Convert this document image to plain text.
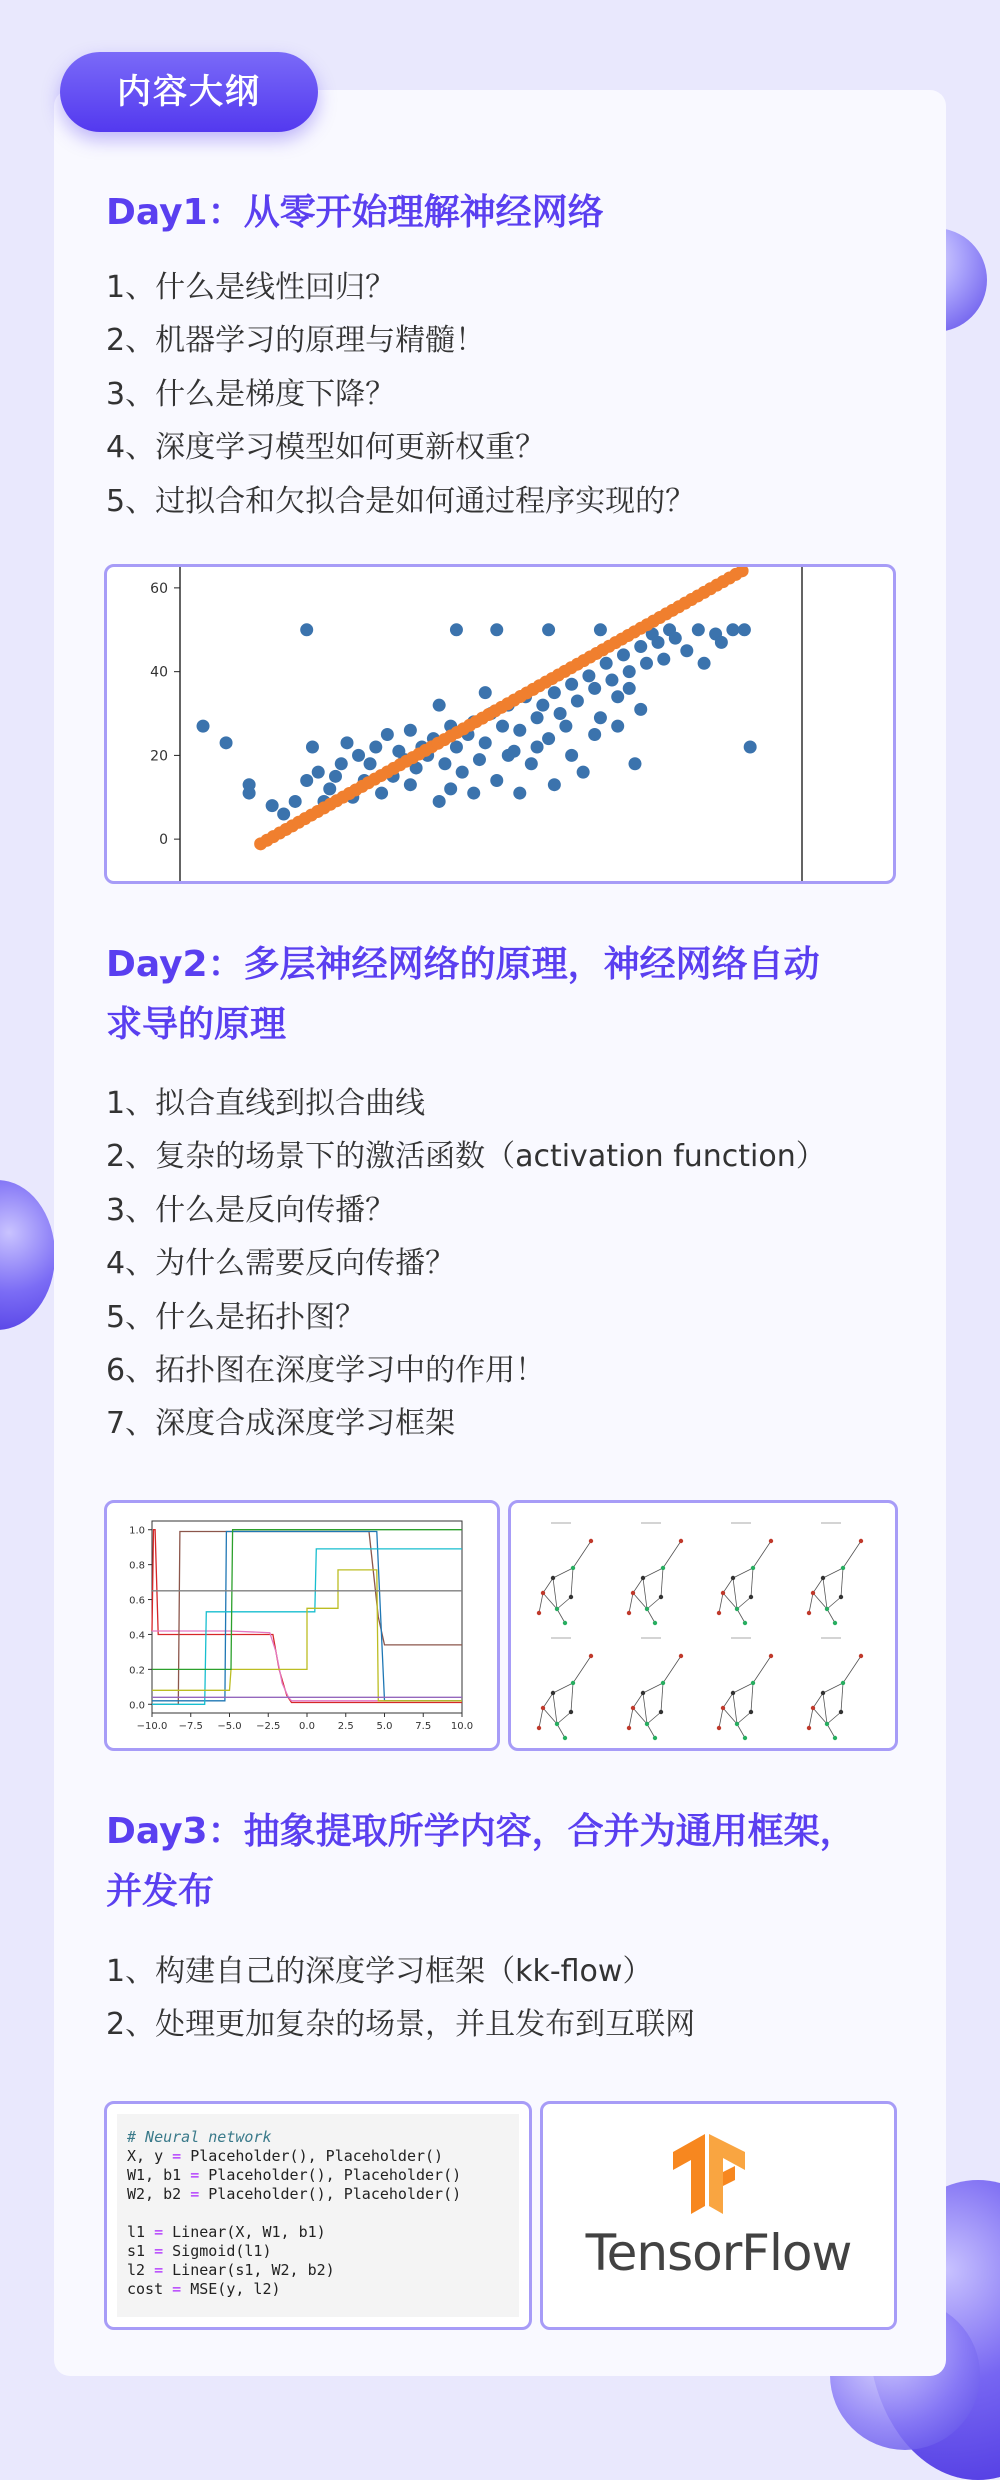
内容大纲
Day1：从零开始理解神经网络
1、什么是线性回归？
2、机器学习的原理与精髓！
3、什么是梯度下降？
4、深度学习模型如何更新权重？
5、过拟合和欠拟合是如何通过程序实现的？
0
20
40
60
Day2：多层神经网络的原理，神经网络自动
求导的原理
1、拟合直线到拟合曲线
2、复杂的场景下的激活函数（activation function）
3、什么是反向传播？
4、为什么需要反向传播？
5、什么是拓扑图？
6、拓扑图在深度学习中的作用！
7、深度合成深度学习框架
0.0
0.2
0.4
0.6
0.8
1.0
−10.0 −7.5 −5.0 −2.5 0.0 2.5 5.0 7.5 10.0
Day3：抽象提取所学内容，合并为通用框架，
并发布
1、构建自己的深度学习框架（kk-flow）
2、处理更加复杂的场景，并且发布到互联网
# Neural network
X, y = Placeholder(), Placeholder()
W1, b1 = Placeholder(), Placeholder()
W2, b2 = Placeholder(), Placeholder()

l1 = Linear(X, W1, b1)
s1 = Sigmoid(l1)
l2 = Linear(s1, W2, b2)
cost = MSE(y, l2)
TensorFlow
